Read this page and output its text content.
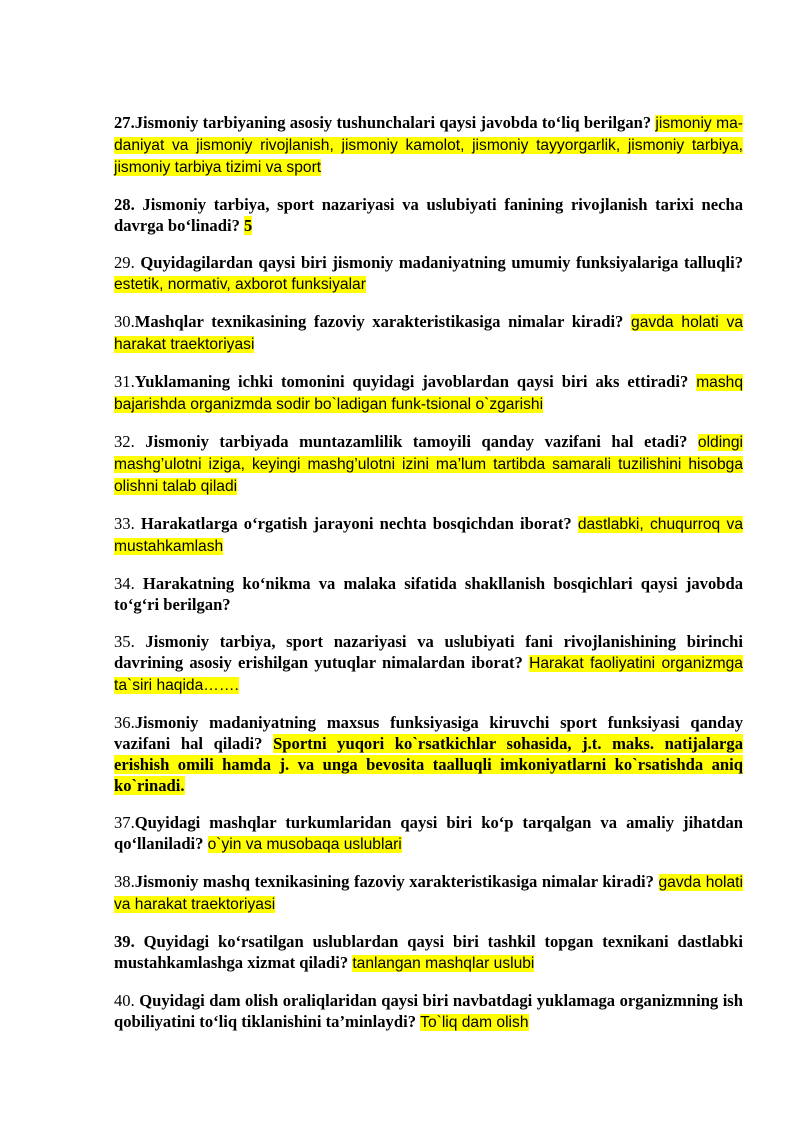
27.Jismoniy tarbiyaning asosiy tushunchalari qaysi javobda to‘liq berilgan? jismoniy ma-daniyat va jismoniy rivojlanish, jismoniy kamolot, jismoniy tayyorgarlik, jismoniy tarbiya, jismoniy tarbiya tizimi va sport

28. Jismoniy tarbiya, sport nazariyasi va uslubiyati fanining rivojlanish tarixi necha davrga bo‘linadi? 5

29. Quyidagilardan qaysi biri jismoniy madaniyatning umumiy funksiyalariga talluqli? estetik, normativ, axborot funksiyalar

30.Mashqlar texnikasining fazoviy xarakteristikasiga nimalar kiradi? gavda holati va harakat traektoriyasi

31.Yuklamaning ichki tomonini quyidagi javoblardan qaysi biri aks ettiradi? mashq bajarishda organizmda sodir bo`ladigan funk-tsional o`zgarishi

32. Jismoniy tarbiyada muntazamlilik tamoyili qanday vazifani hal etadi? oldingi mashg’ulotni iziga, keyingi mashg’ulotni izini ma’lum tartibda samarali tuzilishini hisobga olishni talab qiladi

33. Harakatlarga o‘rgatish jarayoni nechta bosqichdan iborat? dastlabki, chuqurroq va mustahkamlash

34. Harakatning ko‘nikma va malaka sifatida shakllanish bosqichlari qaysi javobda to‘g‘ri berilgan?

35. Jismoniy tarbiya, sport nazariyasi va uslubiyati fani rivojlanishining birinchi davrining asosiy erishilgan yutuqlar nimalardan iborat? Harakat faoliyatini organizmga ta`siri haqida…….

36.Jismoniy madaniyatning maxsus funksiyasiga kiruvchi sport funksiyasi qanday vazifani hal qiladi? Sportni yuqori ko`rsatkichlar sohasida, j.t. maks. natijalarga erishish omili hamda j. va unga bevosita taalluqli imkoniyatlarni ko`rsatishda aniq ko`rinadi.

37.Quyidagi mashqlar turkumlaridan qaysi biri ko‘p tarqalgan va amaliy jihatdan qo‘llaniladi? o`yin va musobaqa uslublari

38.Jismoniy mashq texnikasining fazoviy xarakteristikasiga nimalar kiradi? gavda holati va harakat traektoriyasi

39. Quyidagi ko‘rsatilgan uslublardan qaysi biri tashkil topgan texnikani dastlabki mustahkamlashga xizmat qiladi? tanlangan mashqlar uslubi

40. Quyidagi dam olish oraliqlaridan qaysi biri navbatdagi yuklamaga organizmning ish qobiliyatini to‘liq tiklanishini ta’minlaydi? To`liq dam olish
